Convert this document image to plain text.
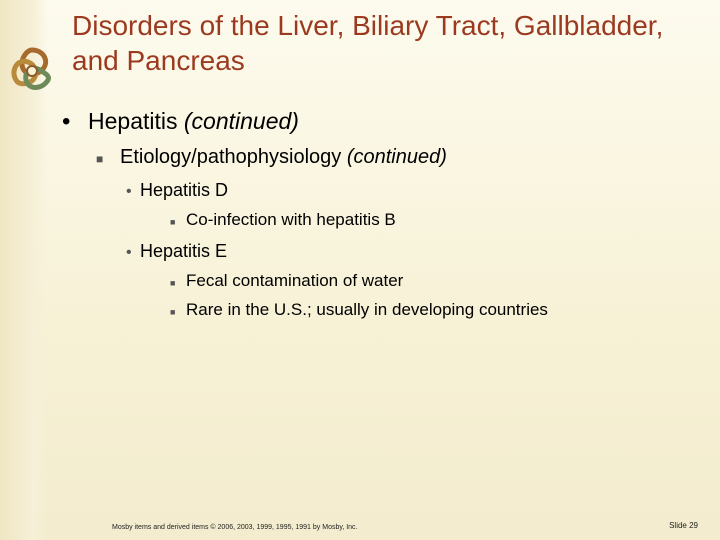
Disorders of the Liver, Biliary Tract, Gallbladder, and Pancreas
• Hepatitis (continued)
■ Etiology/pathophysiology (continued)
• Hepatitis D
■ Co-infection with hepatitis B
• Hepatitis E
■ Fecal contamination of water
■ Rare in the U.S.; usually in developing countries
Mosby items and derived items © 2006, 2003, 1999, 1995, 1991 by Mosby, Inc.	Slide 29
